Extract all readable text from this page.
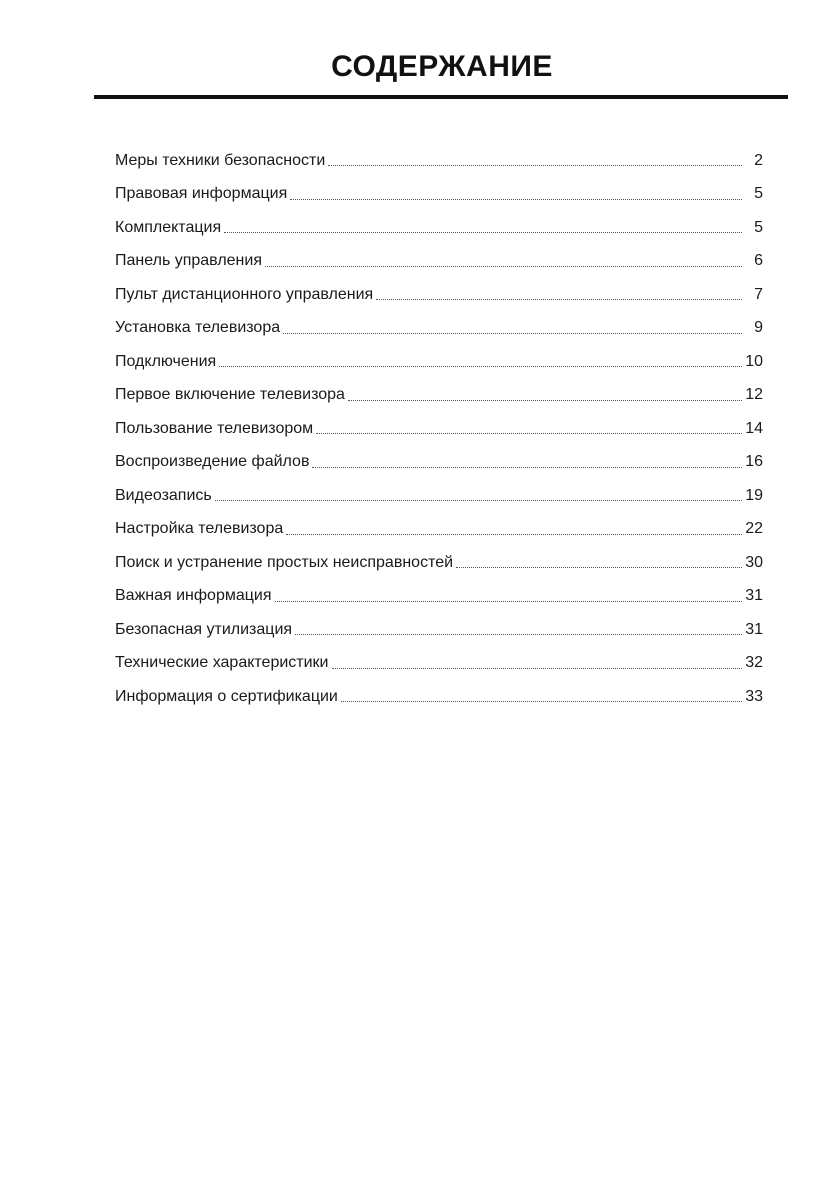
СОДЕРЖАНИЕ
Меры техники безопасности	2
Правовая информация	5
Комплектация	5
Панель управления	6
Пульт дистанционного управления	7
Установка телевизора	9
Подключения	10
Первое включение телевизора	12
Пользование телевизором	14
Воспроизведение файлов	16
Видеозапись	19
Настройка телевизора	22
Поиск и устранение простых неисправностей	30
Важная информация	31
Безопасная утилизация	31
Технические характеристики	32
Информация о сертификации	33
